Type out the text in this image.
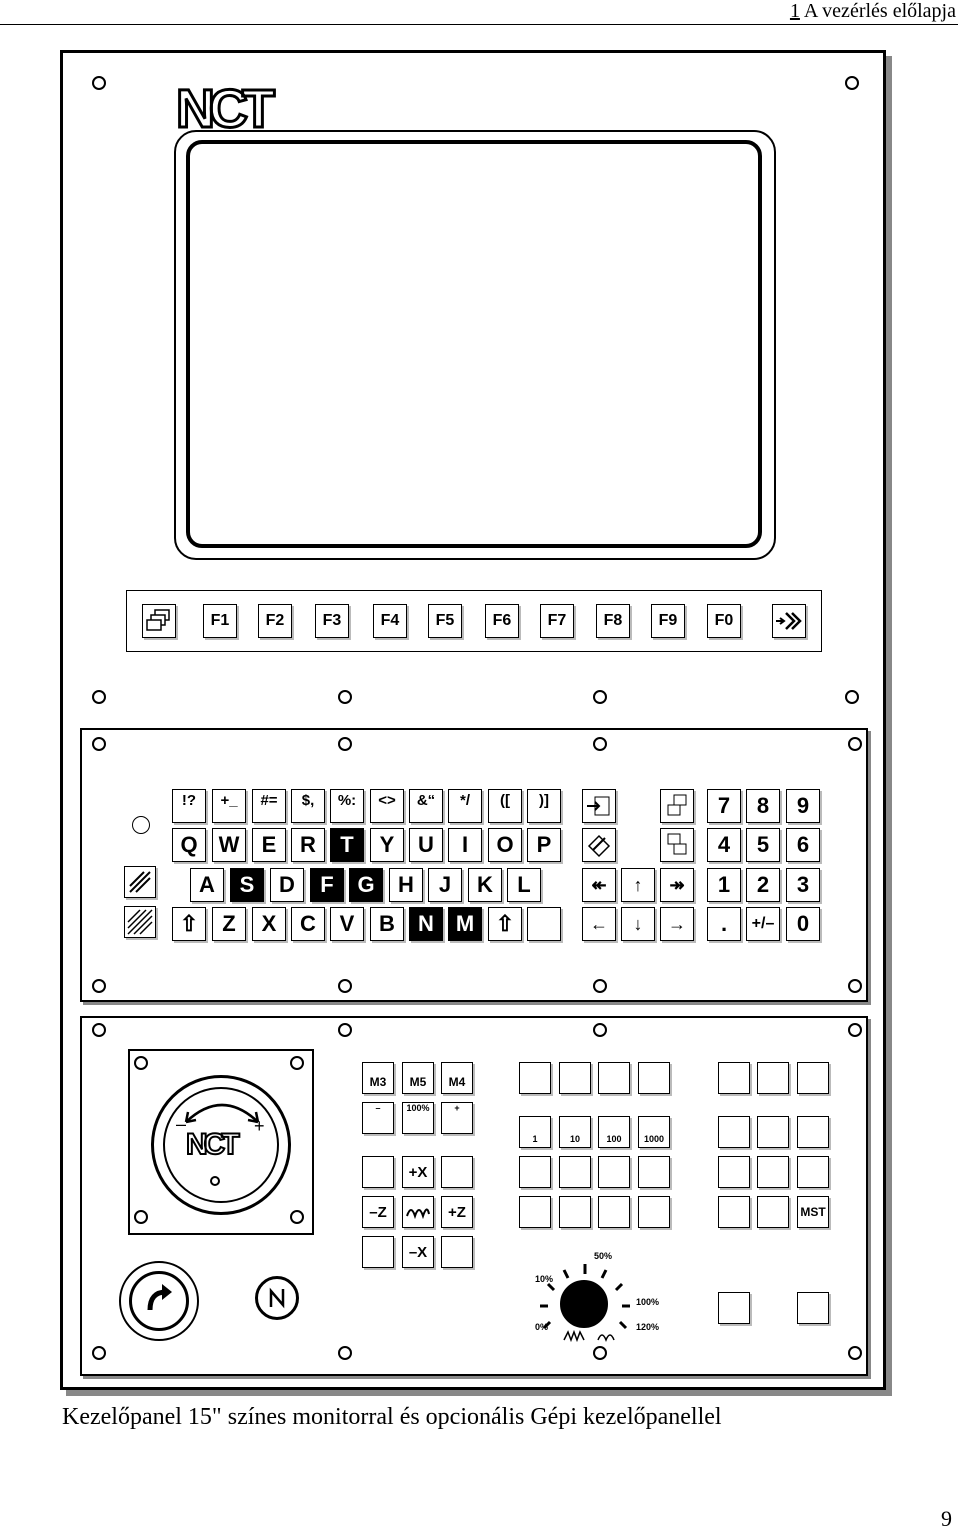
1 A vezérlés előlapja
NCT
F1	F2	F3	F4	F5	F6	F7	F8	F9	F0
!?	+_	#=	$,	%:	<>	&“	*/	([	)]
Q W	E	R	T	Y	U	I	O	P
A	S	D	F	G	H	J	K	L
⇧	Z	X	C	V	B	N M ⇧
↞ ↑ ↠
← ↓ →
7	8	9
4	5	6
1	2	3
.	+/–	0
–	+
NCT
M3	M5	M4
–	100%	+
+X
–Z	+Z
–X
1	10	100	1000
MST
50%
10%
100%
0%	120%
Kezelőpanel 15" színes monitorral és opcionális Gépi kezelőpanellel
9
